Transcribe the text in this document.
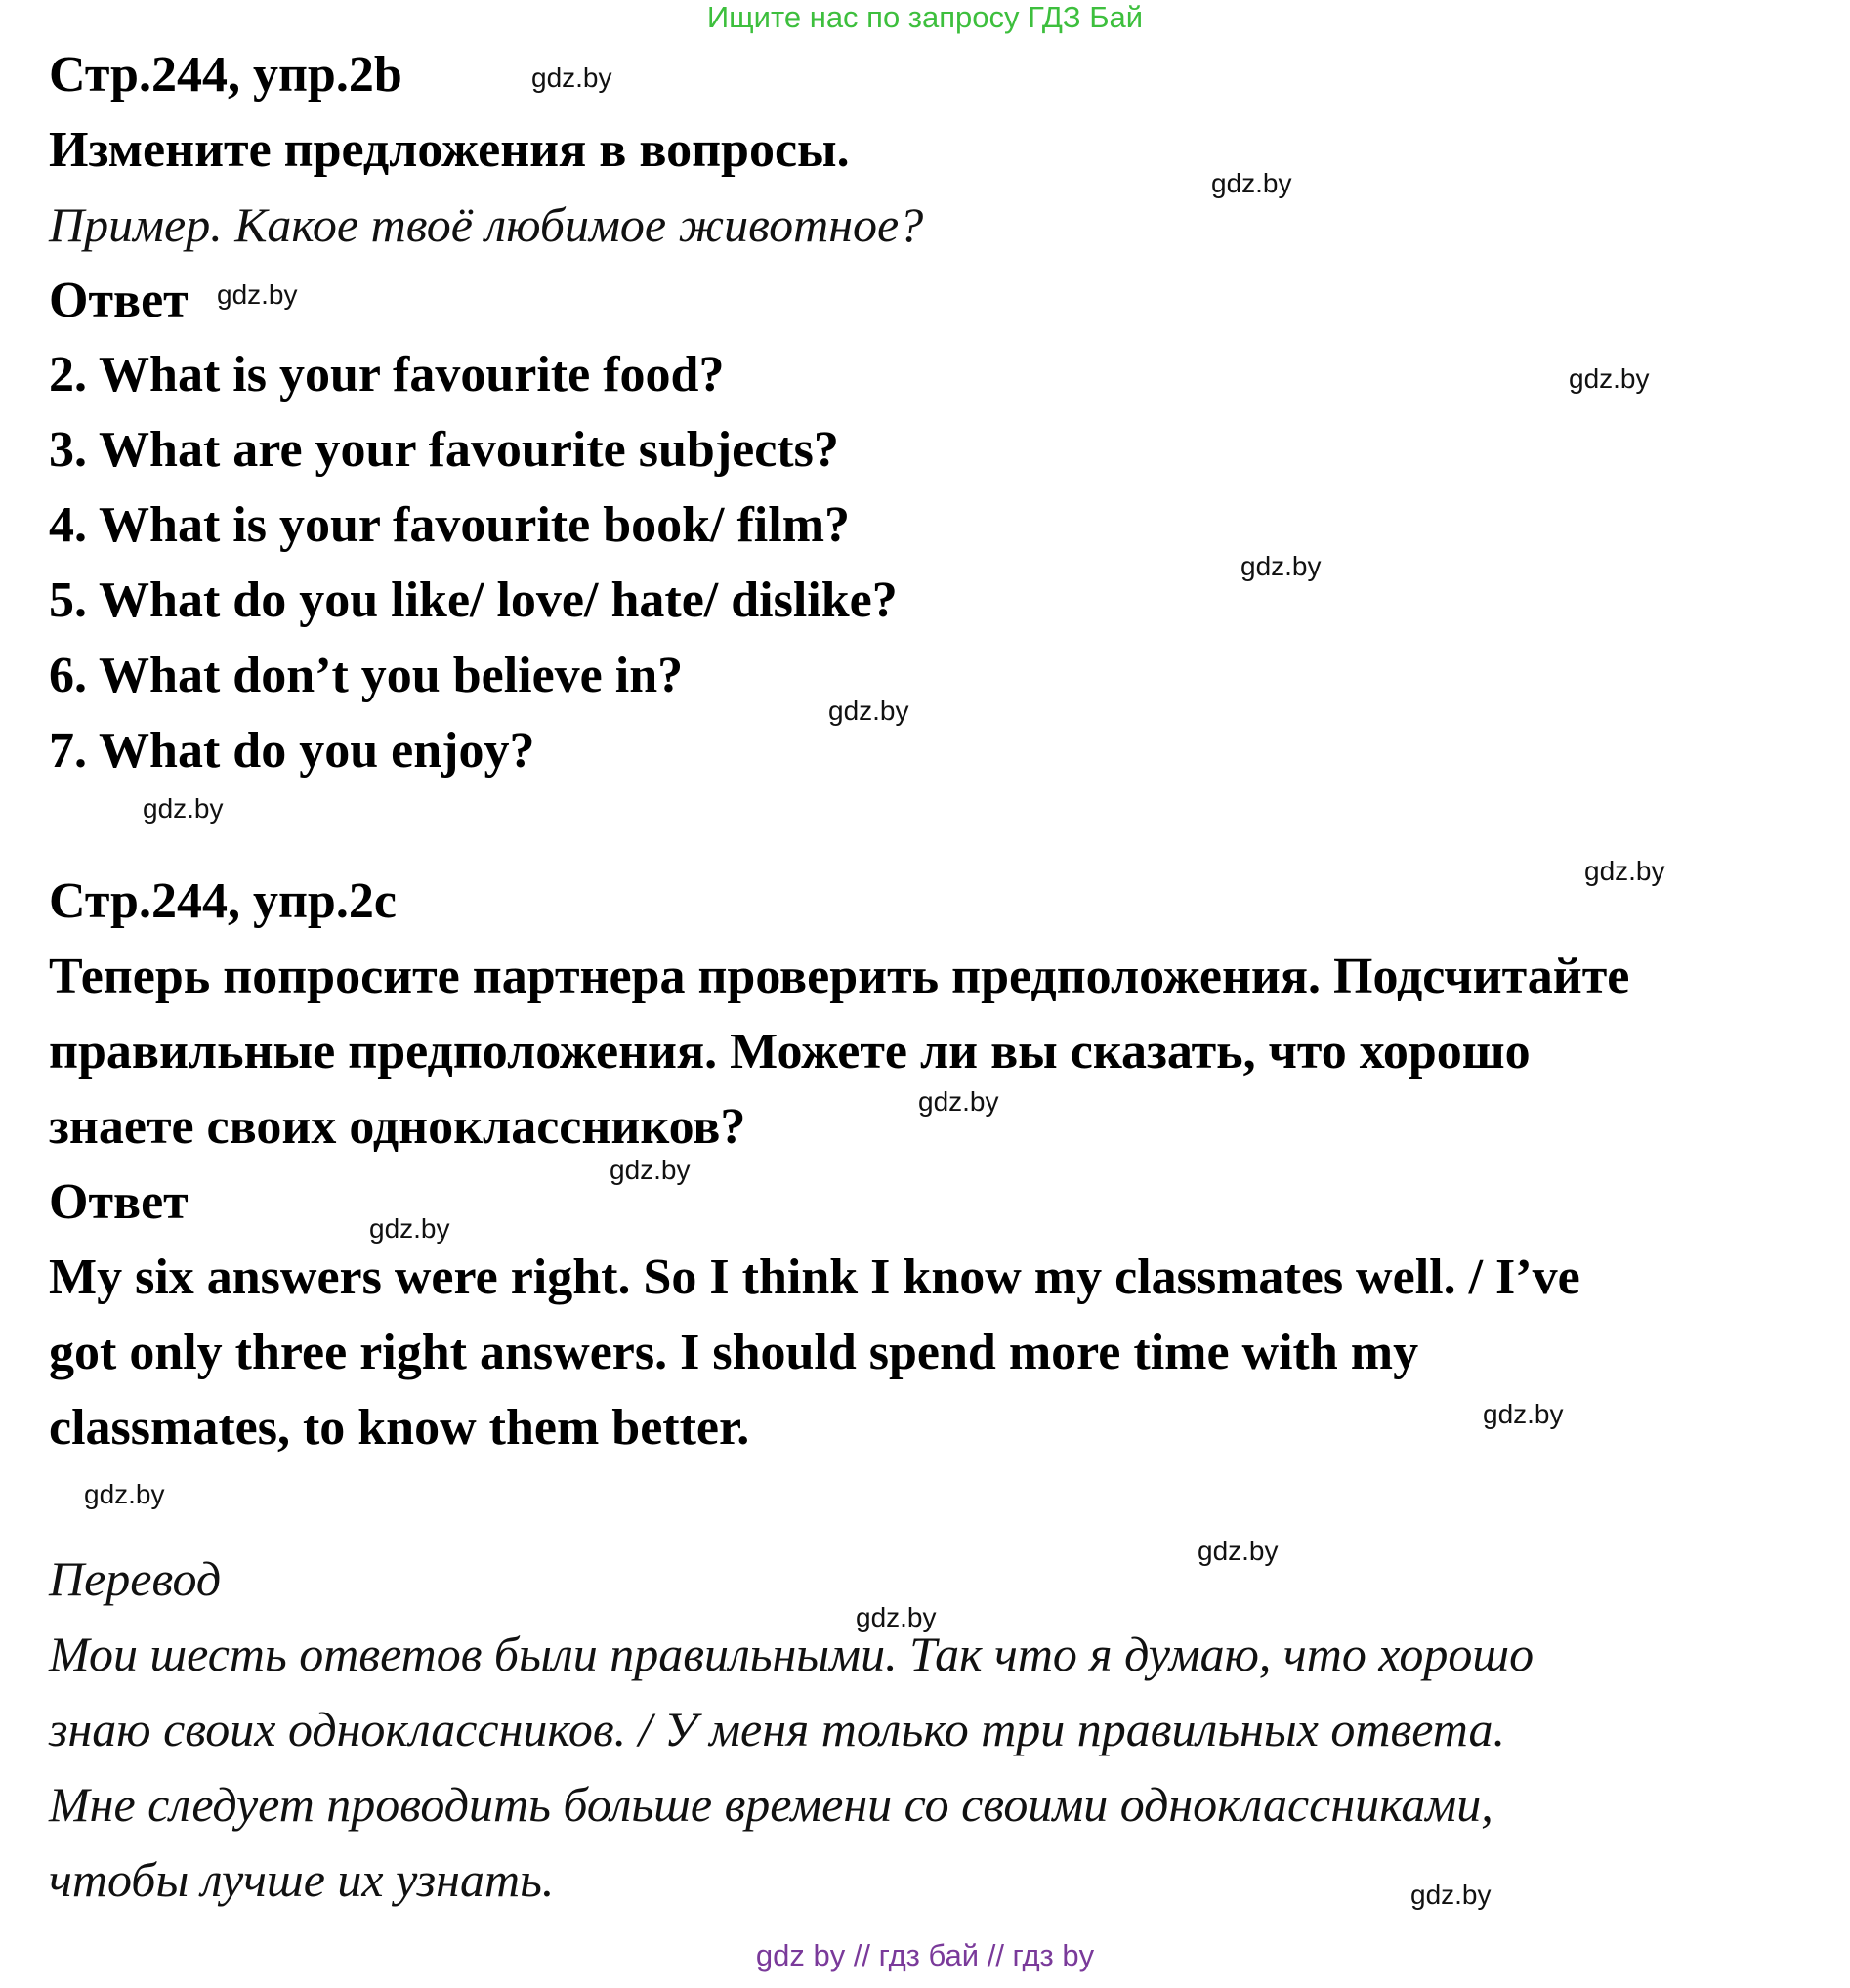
Ищите нас по запросу ГДЗ Бай
Стр.244, упр.2b
Измените предложения в вопросы.
Пример. Какое твоё любимое животное?
Ответ
2. What is your favourite food?
3. What are your favourite subjects?
4. What is your favourite book/ film?
5. What do you like/ love/ hate/ dislike?
6. What don’t you believe in?
7. What do you enjoy?
Стр.244, упр.2с
Теперь попросите партнера проверить предположения. Подсчитайте
правильные предположения. Можете ли вы сказать, что хорошо
знаете своих одноклассников?
Ответ
My six answers were right. So I think I know my classmates well. / I’ve
got only three right answers. I should spend more time with my
classmates, to know them better.
Перевод
Мои шесть ответов были правильными. Так что я думаю, что хорошо
знаю своих одноклассников. / У меня только три правильных ответа.
Мне следует проводить больше времени со своими одноклассниками,
чтобы лучше их узнать.
gdz.by
gdz.by
gdz.by
gdz.by
gdz.by
gdz.by
gdz.by
gdz.by
gdz.by
gdz.by
gdz.by
gdz.by
gdz.by
gdz.by
gdz.by
gdz.by
gdz by // гдз бай // гдз by
